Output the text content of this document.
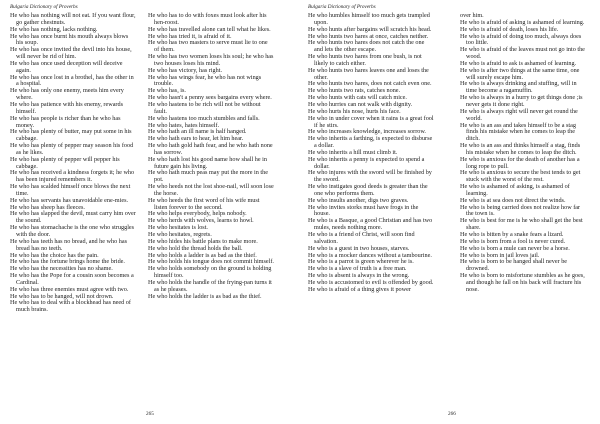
Bulgaria Dictionary of Proverbs

He who has nothing will not eat. If you want flour, go gather chestnuts.

He who has nothing, lacks nothing.

He who has once burnt his mouth always blows his soup.

He who has once invited the devil into his house, will never be rid of him.

He who has once used deception will deceive again.

He who has once lost in a brothel, has the other in a hospital.

He who has only one enemy, meets him every where.

He who has patience with his enemy, rewards himself.

He who has people is richer than he who has money.

He who has plenty of butter, may put some in his cabbage.

He who has plenty of pepper may season his food as he likes.

He who has plenty of pepper will pepper his cabbage.

He who has received a kindness forgets it; he who has been injured remembers it.

He who has scalded himself once blows the next time.

He who has servants has unavoidable ene-mies.

He who has sheep has fleeces.

He who has slapped the devil, must carry him over the sound.

He who has stomachache is the one who struggles with the door.

He who has teeth has no bread, and he who has bread has no teeth.

He who has the choice has the pain.

He who has the fortune brings home the bride.

He who has the necessities has no shame.

He who has the Pope for a cousin soon becomes a Cardinal.

He who has three enemies must agree with two.

He who has to be hanged, will not drown.

He who has to deal with a blockhead has need of much brains.

He who has to do with foxes must look after his hen-roost.

He who has travelled alone can tell what he likes.

He who has tried it, is afraid of it.

He who has two masters to serve must lie to one of them.

He who has two women loses his soul; he who has two houses loses his mind.

He who has victory, has right.

He who has wings fear, he who has not wings trouble.

He who has, is.

He who hasn't a penny sees bargains every where.

He who hastens to be rich will not be without fault.

He who hastens too much stumbles and falls.

He who hates, hates himself.

He who hath an ill name is half hanged.

He who hath ears to hear, let him hear.

He who hath gold hath fear, and he who hath none has sorrow.

He who hath lost his good name how shall he in future gain his living.

He who hath much peas may put the more in the pot.

He who heeds not the lost shoe-nail, will soon lose the horse.

He who heeds the first word of his wife must listen forever to the second.

He who helps everybody, helps nobody.

He who herds with wolves, learns to howl.

He who hesitates is lost.

He who hesitates, regrets.

He who hides his battle plans to make more.

He who hold the thread holds the ball.

He who holds a ladder is as bad as the thief.

He who holds his tongue does not commit himself.

He who holds somebody on the ground is holding himself too.

He who holds the handle of the frying-pan turns it as he pleases.

He who holds the ladder is as bad as the thief.

265
Bulgaria Dictionary of Proverbs

He who humbles himself too much gets trampled upon.

He who hunts after bargains will scratch his head.

He who hunts two hares at once, catches neither.

He who hunts two hares does not catch the one and lets the other escape.

He who hunts two hares from one bush, is not likely to catch either.

He who hunts two hares leaves one and loses the other.

He who hunts two hares, does not catch even one.

He who hunts two rats, catches none.

He who hunts with cats will catch mice.

He who hurries can not walk with dignity.

He who hurts his nose, hurts his face.

He who in under cover when it rains is a great fool if he stirs.

He who increases knowledge, increases sorrow.

He who inherits a farthing, is expected to disburse a dollar.

He who inherits a hill must climb it.

He who inherits a penny is expected to spend a dollar.

He who injures with the sword will be finished by the sword.

He who instigates good deeds is greater than the one who performs them.

He who insults another, digs two graves.

He who invites storks must have frogs in the house.

He who is a Basque, a good Christian and has two mules, needs nothing more.

He who is a friend of Christ, will soon find salvation.

He who is a guest in two houses, starves.

He who is a mocker dances without a tambourine.

He who is a parrot is green wherever he is.

He who is a slave of truth is a free man.

He who is absent is always in the wrong.

He who is accustomed to evil is offended by good.

He who is afraid of a thing gives it power

over him.

He who is afraid of asking is ashamed of learning.

He who is afraid of death, loses his life.

He who is afraid of doing too much, always does too little.

He who is afraid of the leaves must not go into the wood.

He who is afraid to ask is ashamed of learning.

He who is after two things at the same time, one will surely escape him.

He who is always drinking and stuffing, will in time become a ragamuffin.

He who is always in a hurry to get things done ;is never gets it done right.

He who is always right will never get round the world.

He who is an ass and takes himself to be a stag finds his mistake when he comes to leap the ditch.

He who is an ass and thinks himself a stag, finds his mistake when he comes to leap the ditch.

He who is anxious for the death of another has a long rope to pull.

He who is anxious to secure the best tends to get stuck with the worst of the rest.

He who is ashamed of asking, is ashamed of learning.

He who is at sea does not direct the winds.

He who is being carried does not realize how far the town is.

He who is best for me is he who shall get the best share.

He who is bitten by a snake fears a lizard.

He who is born from a fool is never cured.

He who is born a mule can never be a horse.

He who is born in jail loves jail.

He who is born to be hanged shall never be drowned.

He who is born to misfortune stumbles as he goes, and though he fall on his back will fracture his nose.

266
